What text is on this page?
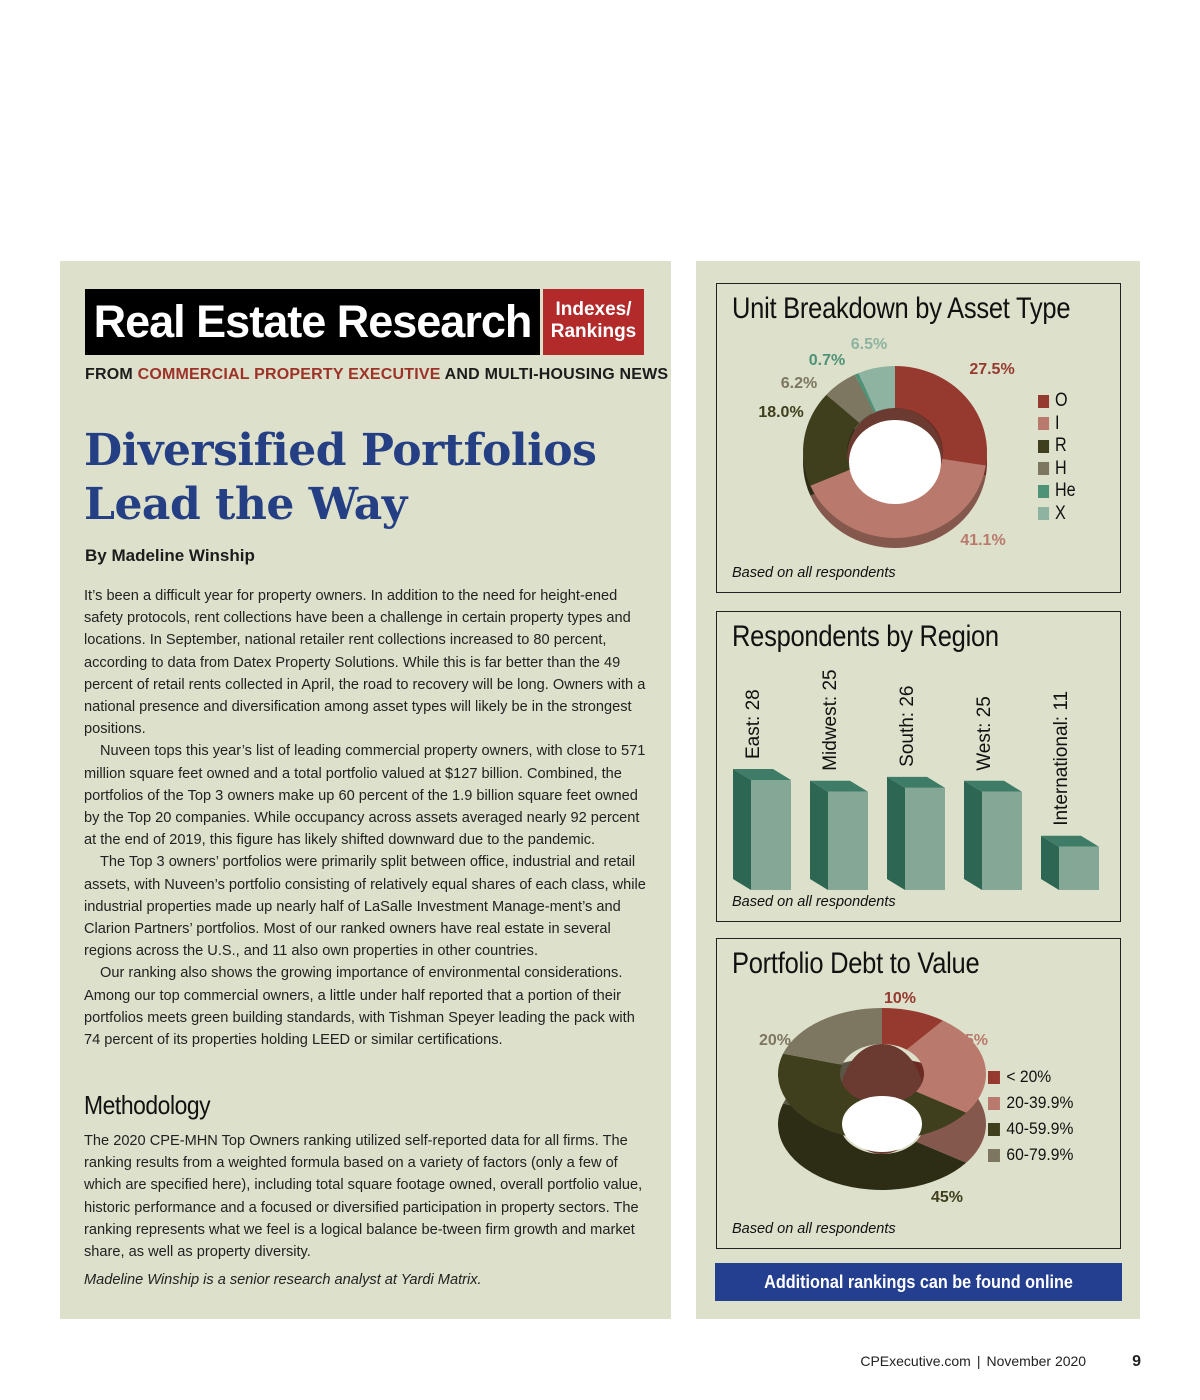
Real Estate Research	Indexes/
Rankings
FROM COMMERCIAL PROPERTY EXECUTIVE AND MULTI-HOUSING NEWS
Diversified Portfolios
Lead the Way
By Madeline Winship

It’s been a difficult year for property owners. In addition to the need for height-ened safety protocols, rent collections have been a challenge in certain property types and locations. In September, national retailer rent collections increased to 80 percent, according to data from Datex Property Solutions. While this is far better than the 49 percent of retail rents collected in April, the road to recovery will be long. Owners with a national presence and diversification among asset types will likely be in the strongest positions.

Nuveen tops this year’s list of leading commercial property owners, with close to 571 million square feet owned and a total portfolio valued at $127 billion. Combined, the portfolios of the Top 3 owners make up 60 percent of the 1.9 billion square feet owned by the Top 20 companies. While occupancy across assets averaged nearly 92 percent at the end of 2019, this figure has likely shifted downward due to the pandemic.

The Top 3 owners’ portfolios were primarily split between office, industrial and retail assets, with Nuveen’s portfolio consisting of relatively equal shares of each class, while industrial properties made up nearly half of LaSalle Investment Manage-ment’s and Clarion Partners’ portfolios. Most of our ranked owners have real estate in several regions across the U.S., and 11 also own properties in other countries.

Our ranking also shows the growing importance of environmental considerations. Among our top commercial owners, a little under half reported that a portion of their portfolios meets green building standards, with Tishman Speyer leading the pack with 74 percent of its properties holding LEED or similar certifications.

Methodology

The 2020 CPE-MHN Top Owners ranking utilized self-reported data for all firms. The ranking results from a weighted formula based on a variety of factors (only a few of which are specified here), including total square footage owned, overall portfolio value, historic performance and a focused or diversified participation in property sectors. The ranking represents what we feel is a logical balance be-tween firm growth and market share, as well as property diversity.

Madeline Winship is a senior research analyst at Yardi Matrix.
27.5%
41.1%
18.0%
6.2%
0.7%
6.5%
Unit Breakdown by Asset Type
O
I
R
H
He
X
Based on all respondents
East: 28	Midwest: 25	South: 26	West: 25	International: 11
Respondents by Region
Based on all respondents
10%
25%
45%
20%
Portfolio Debt to Value
< 20%
20-39.9%
40-59.9%
60-79.9%
Based on all respondents
Additional rankings can be found online
CPExecutive.com | November 2020	9
